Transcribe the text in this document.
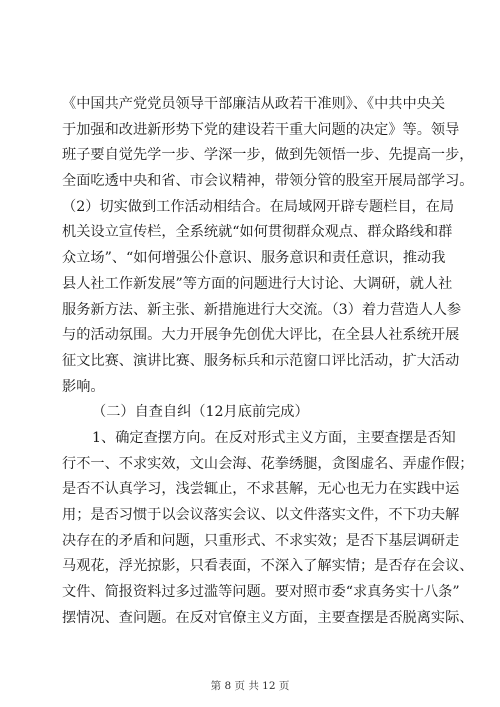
《中国共产党党员领导干部廉洁从政若干准则》、《中共中央关
于加强和改进新形势下党的建设若干重大问题的决定》等。领导
班子要自觉先学一步、学深一步，做到先领悟一步、先提高一步，
全面吃透中央和省、市会议精神，带领分管的股室开展局部学习。
（2）切实做到工作活动相结合。在局域网开辟专题栏目，在局
机关设立宣传栏，全系统就“如何贯彻群众观点、群众路线和群
众立场”、“如何增强公仆意识、服务意识和责任意识，推动我
县人社工作新发展”等方面的问题进行大讨论、大调研，就人社
服务新方法、新主张、新措施进行大交流。（3）着力营造人人参
与的活动氛围。大力开展争先创优大评比，在全县人社系统开展
征文比赛、演讲比赛、服务标兵和示范窗口评比活动，扩大活动
影响。
（二）自查自纠（12月底前完成）
1、确定查摆方向。在反对形式主义方面，主要查摆是否知
行不一、不求实效，文山会海、花拳绣腿，贪图虚名、弄虚作假；
是否不认真学习，浅尝辄止，不求甚解，无心也无力在实践中运
用；是否习惯于以会议落实会议、以文件落实文件，不下功夫解
决存在的矛盾和问题，只重形式、不求实效；是否下基层调研走
马观花，浮光掠影，只看表面，不深入了解实情；是否存在会议、
文件、简报资料过多过滥等问题。要对照市委“求真务实十八条”
摆情况、查问题。在反对官僚主义方面，主要查摆是否脱离实际、
第 8 页 共 12 页
